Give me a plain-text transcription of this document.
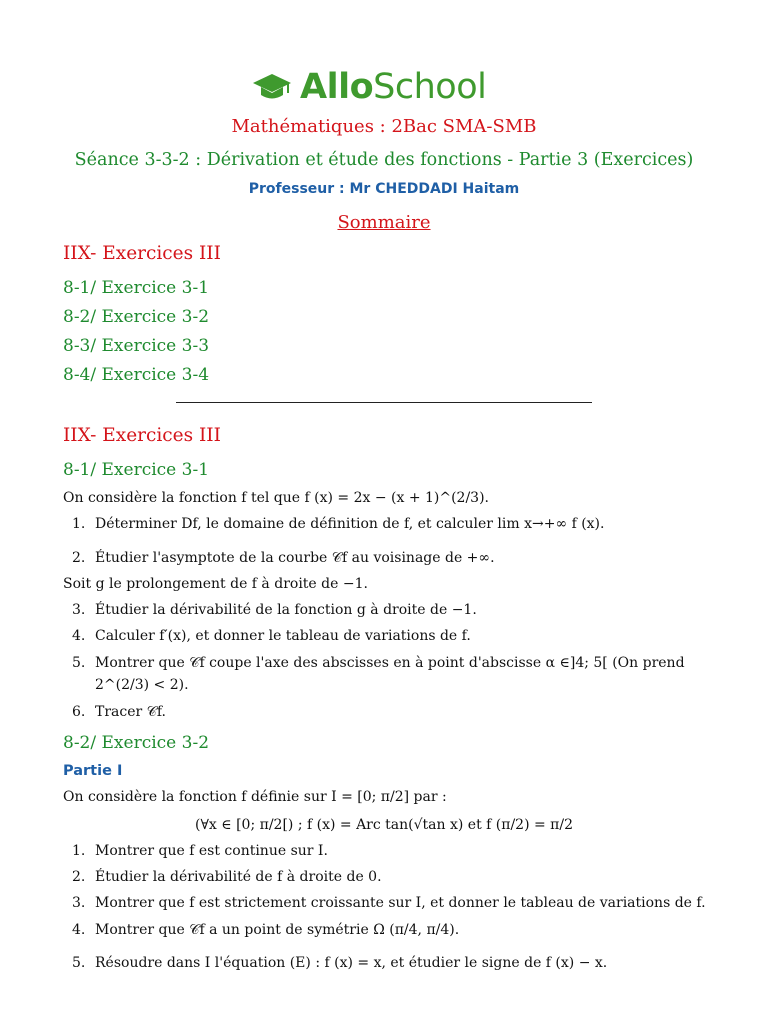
AlloSchool
Mathématiques : 2Bac SMA-SMB
Séance 3-3-2 : Dérivation et étude des fonctions - Partie 3 (Exercices)
Professeur : Mr CHEDDADI Haitam
Sommaire
IIX- Exercices III
8-1/ Exercice 3-1
8-2/ Exercice 3-2
8-3/ Exercice 3-3
8-4/ Exercice 3-4
IIX- Exercices III
8-1/ Exercice 3-1
On considère la fonction f tel que f (x) = 2x − (x + 1)^(2/3).
1. Déterminer Df, le domaine de définition de f, et calculer lim x→+∞ f (x).
2. Étudier l'asymptote de la courbe 𝒞f au voisinage de +∞.
Soit g le prolongement de f à droite de −1.
3. Étudier la dérivabilité de la fonction g à droite de −1.
4. Calculer f′(x), et donner le tableau de variations de f.
5. Montrer que 𝒞f coupe l'axe des abscisses en à point d'abscisse α ∈]4; 5[ (On prend
2^(2/3) < 2).
6. Tracer 𝒞f.
8-2/ Exercice 3-2
Partie I
On considère la fonction f définie sur I = [0; π/2] par :
(∀x ∈ [0; π/2[) ; f (x) = Arc tan(√tan x) et f (π/2) = π/2
1. Montrer que f est continue sur I.
2. Étudier la dérivabilité de f à droite de 0.
3. Montrer que f est strictement croissante sur I, et donner le tableau de variations de f.
4. Montrer que 𝒞f a un point de symétrie Ω (π/4, π/4).
5. Résoudre dans I l'équation (E) : f (x) = x, et étudier le signe de f (x) − x.
